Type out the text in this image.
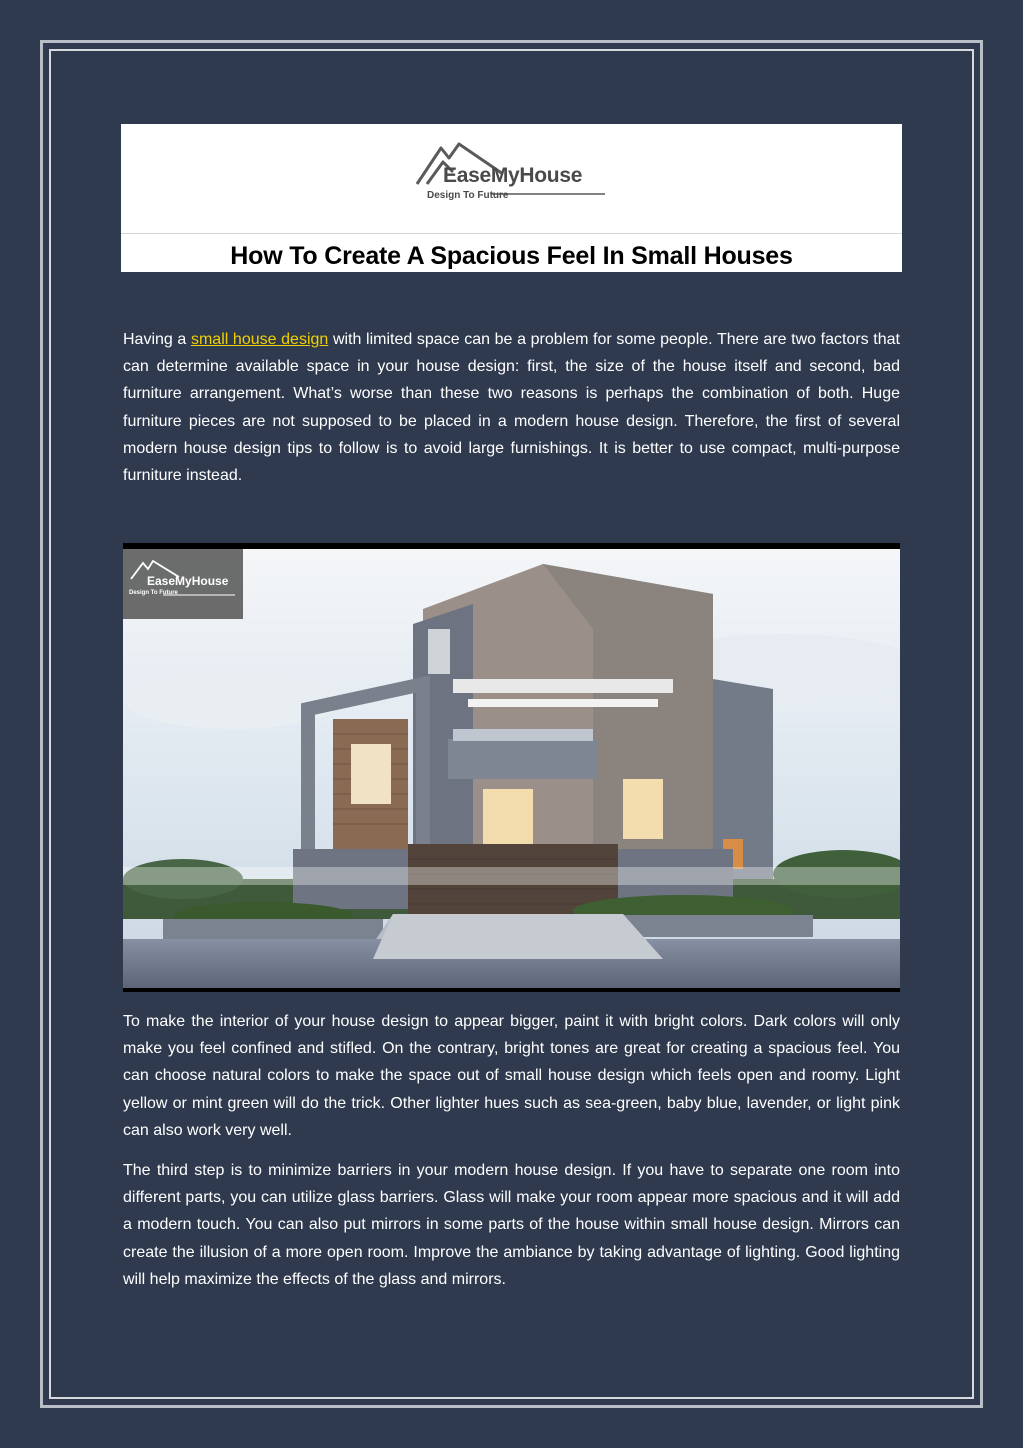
EaseMyHouse
Design To Future
How To Create A Spacious Feel In Small Houses

Having a small house design with limited space can be a problem for some people. There are two factors that can determine available space in your house design: first, the size of the house itself and second, bad furniture arrangement. What’s worse than these two reasons is perhaps the combination of both. Huge furniture pieces are not supposed to be placed in a modern house design. Therefore, the first of several modern house design tips to follow is to avoid large furnishings. It is better to use compact, multi-purpose furniture instead.

EaseMyHouse
Design To Future

To make the interior of your house design to appear bigger, paint it with bright colors. Dark colors will only make you feel confined and stifled. On the contrary, bright tones are great for creating a spacious feel. You can choose natural colors to make the space out of small house design which feels open and roomy. Light yellow or mint green will do the trick. Other lighter hues such as sea-green, baby blue, lavender, or light pink can also work very well.

The third step is to minimize barriers in your modern house design. If you have to separate one room into different parts, you can utilize glass barriers. Glass will make your room appear more spacious and it will add a modern touch. You can also put mirrors in some parts of the house within small house design. Mirrors can create the illusion of a more open room. Improve the ambiance by taking advantage of lighting. Good lighting will help maximize the effects of the glass and mirrors.
